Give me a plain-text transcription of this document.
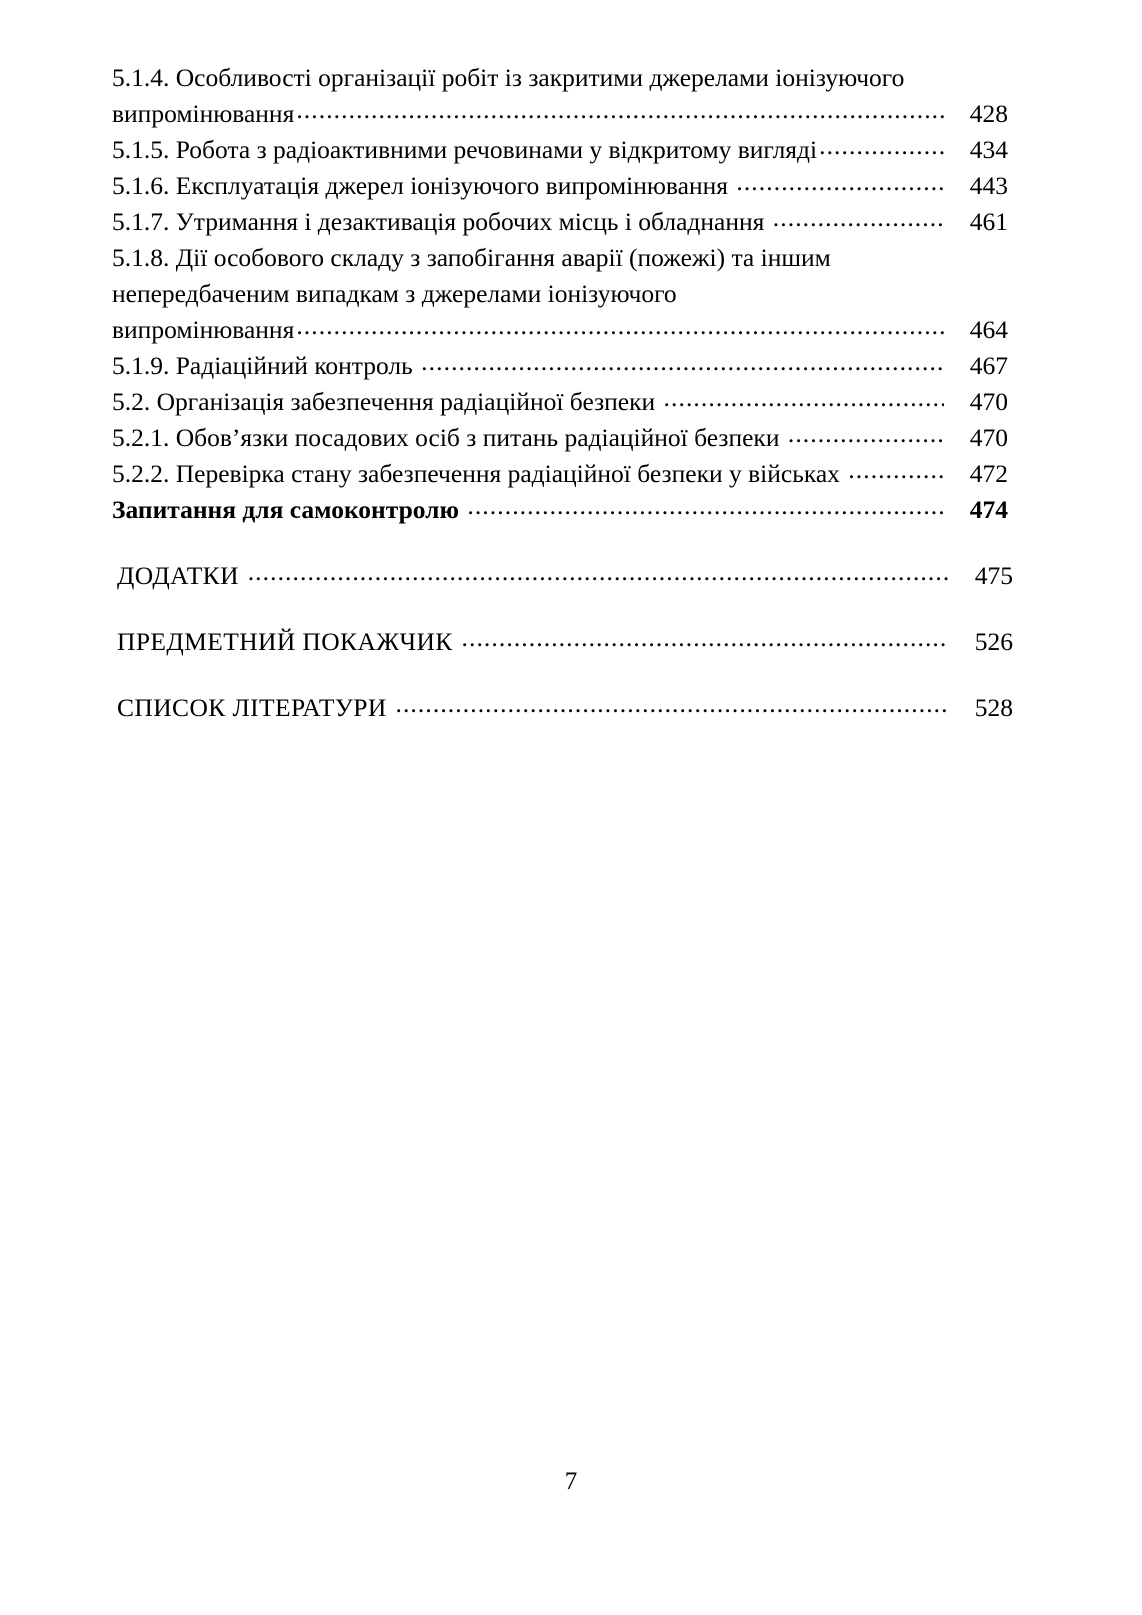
5.1.4. Особливості організації робіт із закритими джерелами іонізуючого
випромінювання .....	428
5.1.5. Робота з радіоактивними речовинами у відкритому вигляді .....	434
5.1.6. Експлуатація джерел іонізуючого випромінювання .....	443
5.1.7. Утримання і дезактивація робочих місць і обладнання .....	461
5.1.8. Дії особового складу з запобігання аварії (пожежі) та іншим
непередбаченим випадкам з джерелами іонізуючого
випромінювання .....	464
5.1.9. Радіаційний контроль .....	467
5.2. Організація забезпечення радіаційної безпеки .....	470
5.2.1. Обов’язки посадових осіб з питань радіаційної безпеки .....	470
5.2.2. Перевірка стану забезпечення радіаційної безпеки у військах .....	472
Запитання для самоконтролю .....	474
ДОДАТКИ .....	475
ПРЕДМЕТНИЙ ПОКАЖЧИК .....	526
СПИСОК ЛІТЕРАТУРИ .....	528
7
